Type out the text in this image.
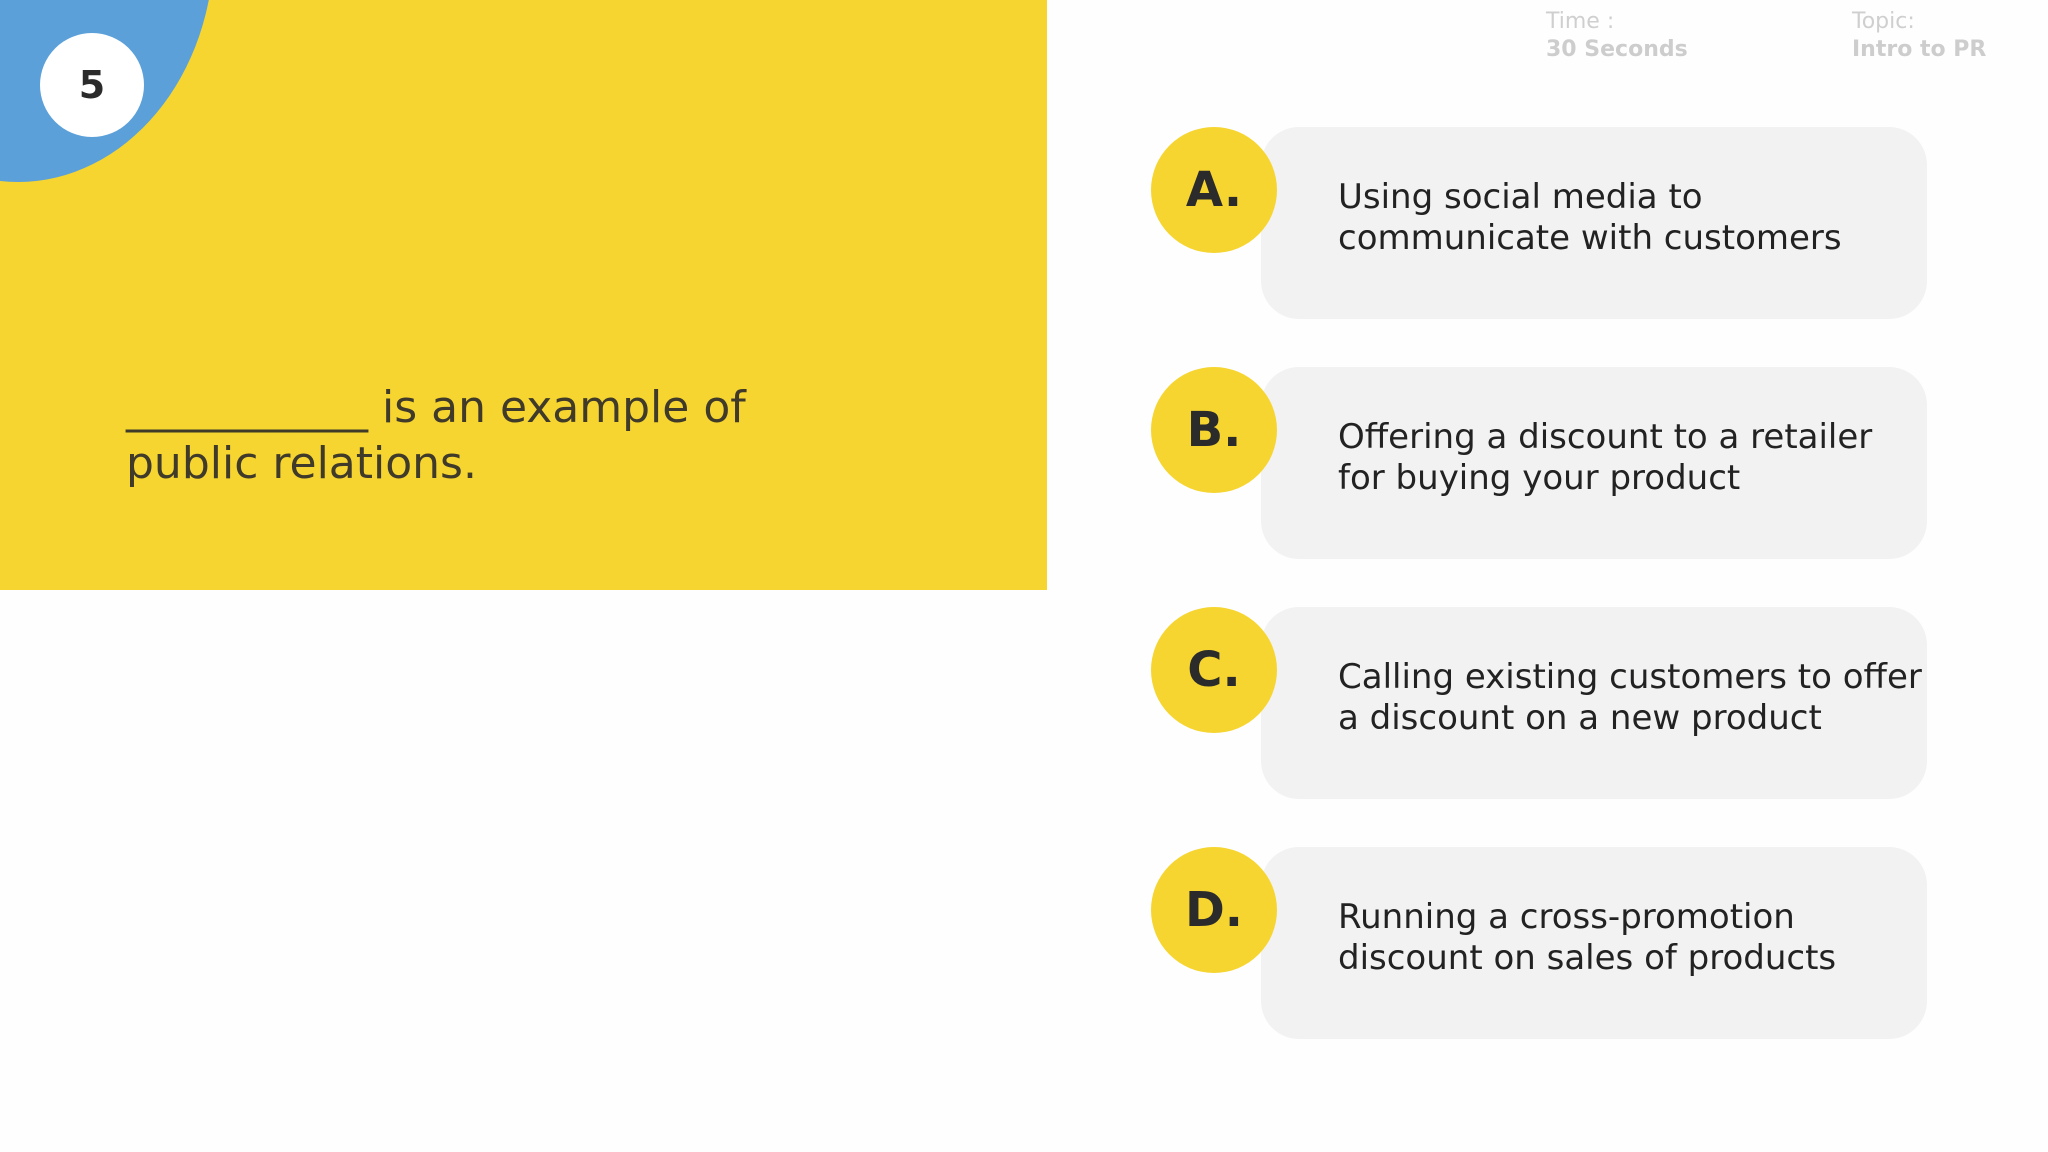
5
___________ is an example of public relations.
Time :
30 Seconds
Topic:
Intro to PR
Using social media to communicate with customers
A.
Offering a discount to a retailer for buying your product
B.
Calling existing customers to offer a discount on a new product
C.
Running a cross-promotion discount on sales of products
D.
